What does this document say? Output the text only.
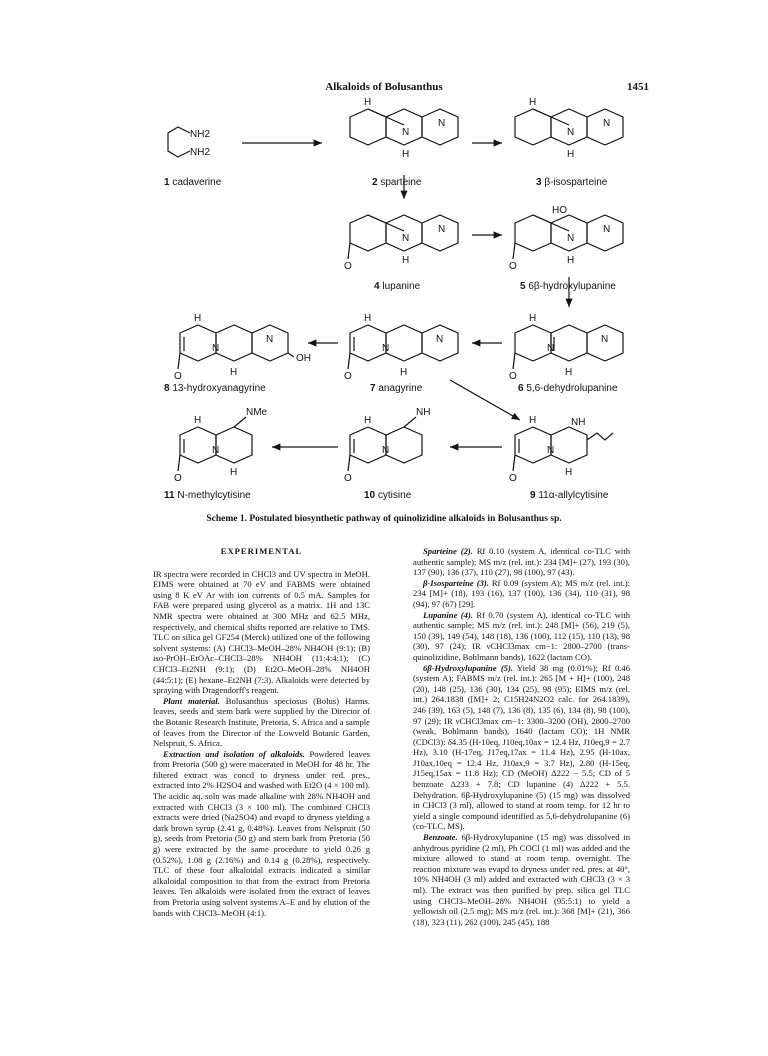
Alkaloids of Bolusanthus	1451
NH2
NH2
N
N
N
N
H
H
H
H
N
N
O
H
HO
N
N
O
H
N
N
OH
O	H
H
N
N
O	H
H
N
N
O	H
H
N
NMe
O
H
H
N
NH
O
H
N
NH
O
H
H
1 cadaverine	2 sparteine	3 β-isosparteine
4 lupanine	5 6β-hydroxylupanine
8 13-hydroxyanagyrine	7 anagyrine	6 5,6-dehydrolupanine
11 N-methylcytisine	10 cytisine	9 11α-allylcytisine
Scheme 1. Postulated biosynthetic pathway of quinolizidine alkaloids in Bolusanthus sp.
EXPERIMENTAL

IR spectra were recorded in CHCl3 and UV spectra in MeOH. EIMS were obtained at 70 eV and FABMS were obtained using 8 K eV Ar with ion currents of 0.5 mA. Samples for FAB were prepared using glycerol as a matrix. 1H and 13C NMR spectra were obtained at 300 MHz and 62.5 MHz, respectively, and chemical shifts reported are relative to TMS. TLC on silica gel GF254 (Merck) utilized one of the following solvent systems: (A) CHCl3–MeOH–28% NH4OH (9:1); (B) iso-PrOH–EtOAc–CHCl3–28% NH4OH (11:4:4:1); (C) CHCl3–Et2NH (9:1); (D) Et2O–MeOH–28% NH4OH (44:5:1); (E) hexane–Et2NH (7:3). Alkaloids were detected by spraying with Dragendorff's reagent.

Plant material. Bolusanthus speciosus (Bolus) Harms. leaves, seeds and stem bark were supplied by the Director of the Botanic Research Institute, Pretoria, S. Africa and a sample of leaves from the Director of the Lowveld Botanic Garden, Nelspruit, S. Africa.

Extraction and isolation of alkaloids. Powdered leaves from Pretoria (500 g) were macerated in MeOH for 48 hr. The filtered extract was concd to dryness under red. pres., extracted into 2% H2SO4 and washed with Et2O (4 × 100 ml). The acidic aq. soln was made alkaline with 28% NH4OH and extracted with CHCl3 (3 × 100 ml). The combined CHCl3 extracts were dried (Na2SO4) and evapd to dryness yielding a dark brown syrup (2.41 g, 0.48%). Leaves from Nelspruit (50 g), seeds from Pretoria (50 g) and stem bark from Pretoria (50 g) were extracted by the same procedure to yield 0.26 g (0.52%), 1.08 g (2.16%) and 0.14 g (0.28%), respectively. TLC of these four alkaloidal extracts indicated a similar alkaloidal composition to that from the extract from Pretoria leaves. Ten alkaloids were isolated from the extract of leaves from Pretoria using solvent systems A–E and by elution of the bands with CHCl3–MeOH (4:1).

Sparteine (2). Rf 0.10 (system A, identical co-TLC with authentic sample); MS m/z (rel. int.): 234 [M]+ (27), 193 (30), 137 (90), 136 (37), 110 (27), 98 (100), 97 (43).

β-Isosparteine (3). Rf 0.09 (system A); MS m/z (rel. int.): 234 [M]+ (18), 193 (16), 137 (100), 136 (34), 110 (31), 98 (94), 97 (67) [29].

Lupanine (4). Rf 0.70 (system A), identical co-TLC with authentic sample; MS m/z (rel. int.): 248 [M]+ (56), 219 (5), 150 (39), 149 (54), 148 (18), 136 (100), 112 (15), 110 (13), 98 (30), 97 (24); IR νCHCl3max cm−1: 2800–2700 (trans-quinolizidine, Bohlmann bands), 1622 (lactam CO).

6β-Hydroxylupanine (5). Yield 38 mg (0.01%); Rf 0.46 (system A); FABMS m/z (rel. int.): 265 [M + H]+ (100), 248 (20), 148 (25), 136 (30), 134 (25), 98 (95); EIMS m/z (rel. int.) 264.1838 ([M]+ 2; C15H24N2O2 calc. for 264.1839), 246 (39), 163 (5), 148 (7), 136 (8), 135 (6), 134 (8), 98 (100), 97 (29); IR νCHCl3max cm−1: 3300–3200 (OH), 2800–2700 (weak, Bohlmann bands), 1640 (lactam CO); 1H NMR (CDCl3): δ4.35 (H-10eq, J10eq,10ax = 12.4 Hz, J10eq,9 = 2.7 Hz), 3.10 (H-17eq, J17eq,17ax = 11.4 Hz), 2.95 (H-10ax, J10ax,10eq = 12.4 Hz, J10ax,9 = 3.7 Hz), 2.80 (H-15eq, J15eq,15ax = 11.8 Hz); CD (MeOH) Δ222 − 5.5; CD of 5 benzoate Δ233 + 7.8; CD lupanine (4) Δ222 + 5.5. Dehydration. 6β-Hydroxylupanine (5) (15 mg) was dissolved in CHCl3 (3 ml), allowed to stand at room temp. for 12 hr to yield a single compound identified as 5,6-dehydrolupanine (6) (co-TLC, MS).

Benzoate. 6β-Hydroxylupanine (15 mg) was dissolved in anhydrous pyridine (2 ml), Ph COCl (1 ml) was added and the mixture allowed to stand at room temp. overnight. The reaction mixture was evapd to dryness under red. pres. at 40°, 10% NH4OH (3 ml) added and extracted with CHCl3 (3 × 3 ml). The extract was then purified by prep. silica gel TLC using CHCl3–MeOH–28% NH4OH (95:5:1) to yield a yellowish oil (2.5 mg); MS m/z (rel. int.): 368 [M]+ (21), 366 (18), 323 (11), 262 (100), 245 (45), 188
